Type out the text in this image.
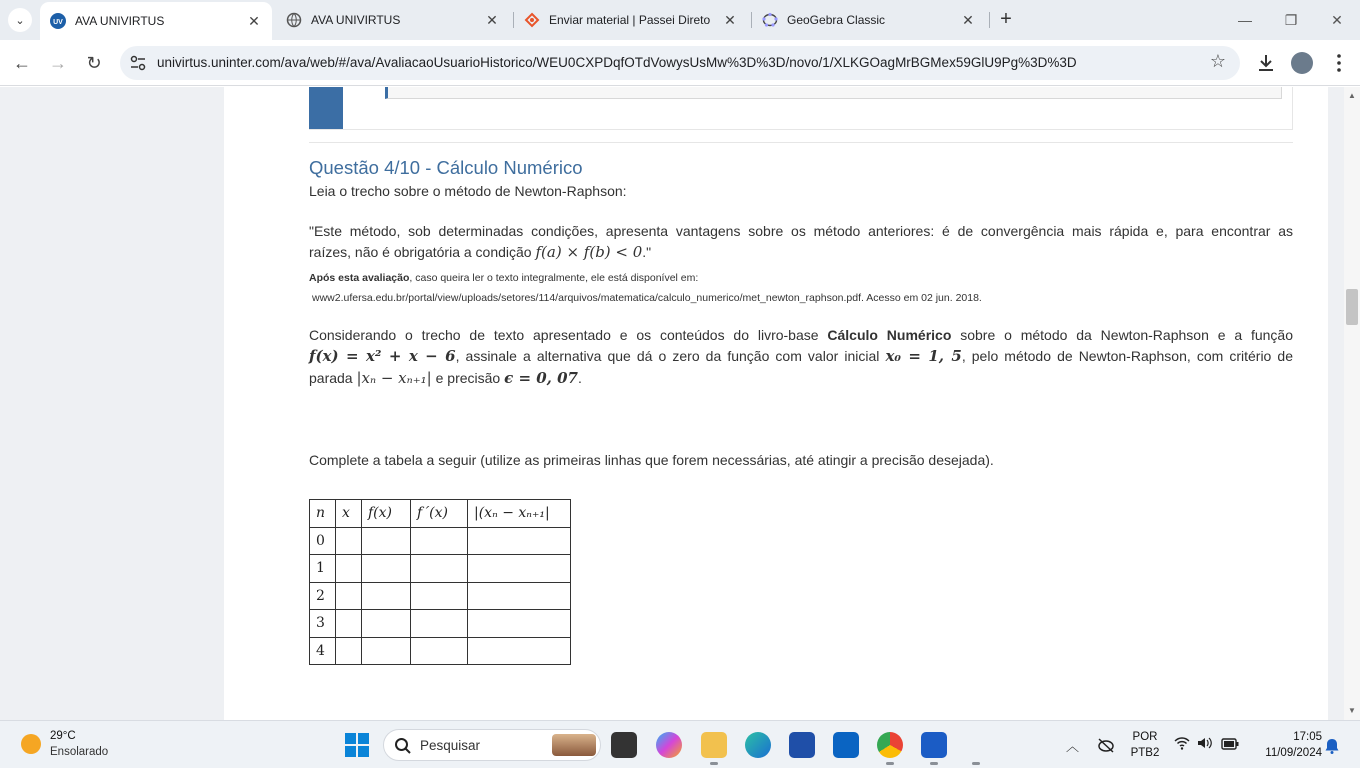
⌄	UV AVA UNIVIRTUS	✕	AVA UNIVIRTUS	✕	Enviar material | Passei Direto ✕	GeoGebra Classic	✕	+	—	❐	✕
← →	↻	univirtus.uninter.com/ava/web/#/ava/AvaliacaoUsuarioHistorico/WEU0CXPDqfOTdVowysUsMw%3D%3D/novo/1/XLKGOagMrBGMex59GlU9Pg%3D%3D	☆
Questão 4/10 - Cálculo Numérico
Leia o trecho sobre o método de Newton-Raphson:
"Este método, sob determinadas condições, apresenta vantagens sobre os método anteriores: é de convergência mais rápida e, para encontrar as
raízes, não é obrigatória a condição f(a) × f(b) < 0."
Após esta avaliação, caso queira ler o texto integralmente, ele está disponível em:
www2.ufersa.edu.br/portal/view/uploads/setores/114/arquivos/matematica/calculo_numerico/met_newton_raphson.pdf. Acesso em 02 jun. 2018.
Considerando o trecho de texto apresentado e os conteúdos do livro-base Cálculo Numérico sobre o método da Newton-Raphson e a função
f(x) = x² + x − 6, assinale a alternativa que dá o zero da função com valor inicial x₀ = 1, 5, pelo método de Newton-Raphson, com critério de
parada |xₙ − xₙ₊₁| e precisão ϵ = 0, 07.
Complete a tabela a seguir (utilize as primeiras linhas que forem necessárias, até atingir a precisão desejada).
n	x	f(x)	f´(x)	|(xₙ − xₙ₊₁|
0				
1				
2				
3				
4				
▲
▼
29°C
Ensolarado	Pesquisar	︿
POR
PTB2
17:05
11/09/2024
